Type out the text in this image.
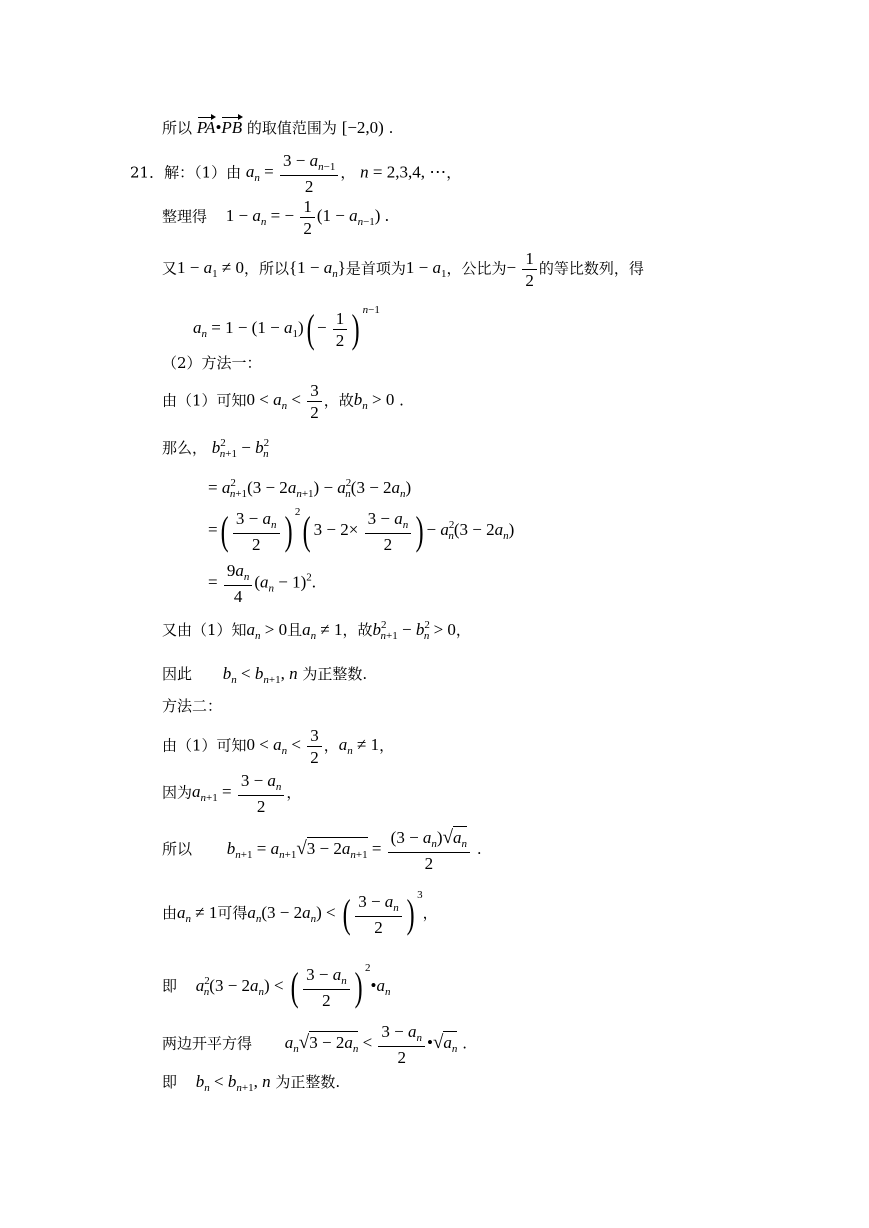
所以 PA•PB 的取值范围为 [−2,0) .
21．解：（1）由 $a_n = \frac{3 - a_{n-1}}{2}$ ， n = 2,3,4, ⋯，
整理得 $1 - a_n$ = − $\frac{1}{2} (1 - a_{n-1})$ .
又$1 - a_1 \ne 0$，所以$\{1 - a_n\}$是首项为$1 - a_1$，公比为− $\frac{1}{2}$ 的等比数列，得
$a_n = 1 - (1 - a_1)( - \frac{1}{2}$ ) $^{n-1}$
（2）方法一：
由（1）可知$0 < a_n < \frac{3}{2}$ ，故$b_n > 0$ .
那么， $b^2_{n+1} - b^2_n$
= $a^2_{n+1}(3 - 2a_{n+1}) - a^2_n(3 - 2a_n)$
=( $\frac{3 - a_n}{2}$ ) $^2$( $3 - 2\times \frac{3 - a_n}{2}$ ) − $a^2_n(3 - 2a_n)$
= $\frac{9a_n}{4} (a_n - 1)^2$.
又由（1）知$a_n > 0$且$a_n \ne 1$，故$b^2_{n+1} - b^2_n > 0$，
因此 $b_n < b_{n+1}$, n 为正整数.
方法二：
由（1）可知$0 < a_n < \frac{3}{2}$ ，$a_n \ne 1$，
因为$a_{n+1} = \frac{3 - a_n}{2}$ ，
所以 $b_{n+1} = a_{n+1}√3 - 2a_{n+1} = \frac{(3 - a_n)√a_n}{2}$ .
由$a_n \ne 1$可得$a_n(3 - 2a_n)$ < ( $\frac{3 - a_n}{2}$ ) $^3$，
即 $a^2_n(3 - 2a_n)$ < ( $\frac{3 - a_n}{2}$ ) $^2•a_n$
两边开平方得 $a_n√3 - 2a_n < \frac{3 - a_n}{2}$ $•√a_n$ .
即 $b_n < b_{n+1}$, n 为正整数.
